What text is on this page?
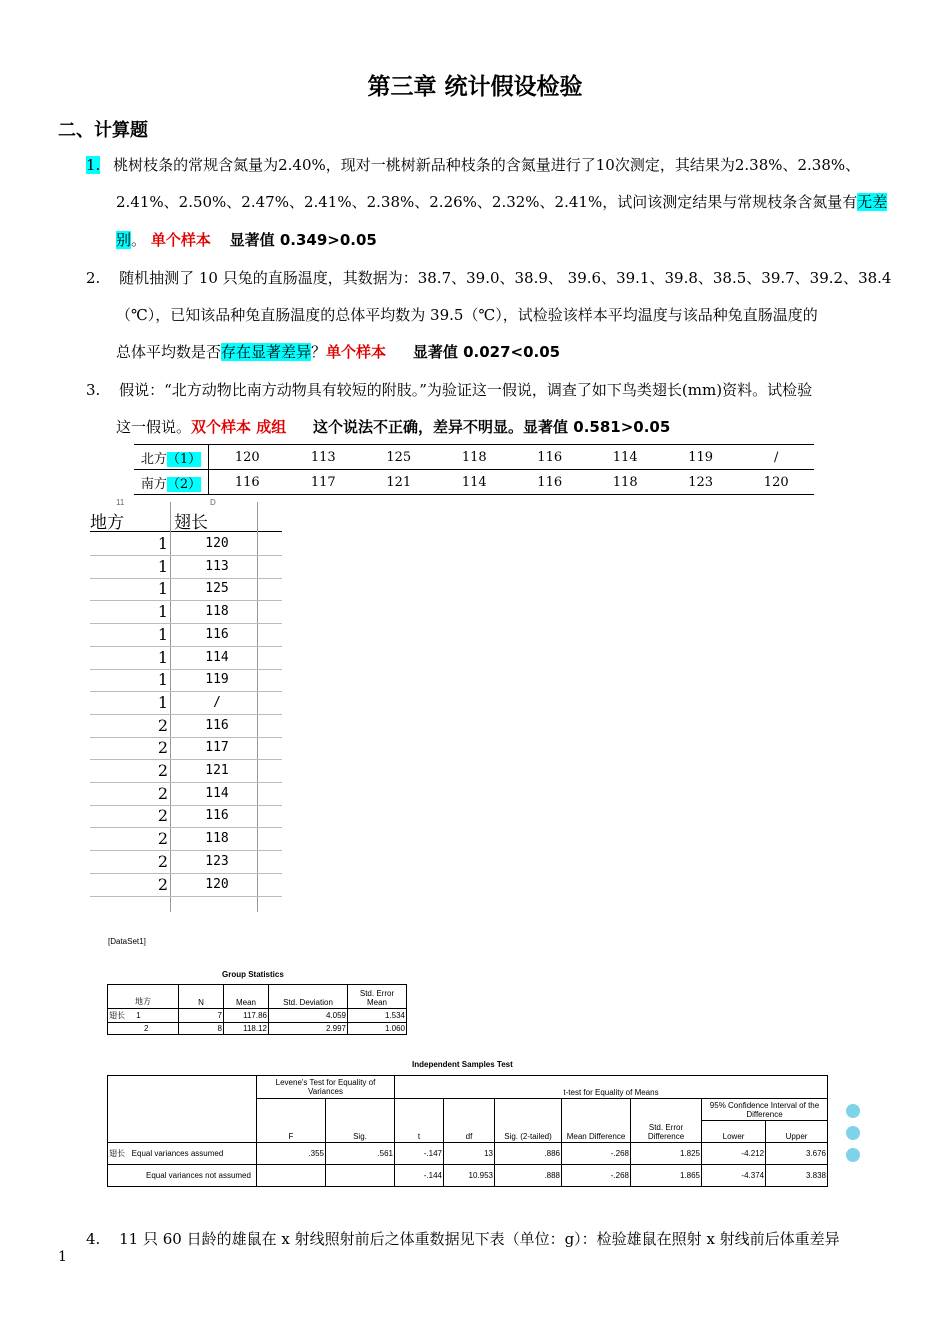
第三章 统计假设检验
二、计算题
1. 桃树枝条的常规含氮量为2.40%，现对一桃树新品种枝条的含氮量进行了10次测定，其结果为2.38%、2.38%、
2.41%、2.50%、2.47%、2.41%、2.38%、2.26%、2.32%、2.41%，试问该测定结果与常规枝条含氮量有无差
别。 单个样本 显著值 0.349>0.05
2. 随机抽测了 10 只兔的直肠温度，其数据为：38.7、39.0、38.9、 39.6、39.1、39.8、38.5、39.7、39.2、38.4
（℃），已知该品种兔直肠温度的总体平均数为 39.5（℃），试检验该样本平均温度与该品种兔直肠温度的
总体平均数是否存在显著差异？单个样本 显著值 0.027<0.05
3. 假说：“北方动物比南方动物具有较短的附肢。”为验证这一假说，调查了如下鸟类翅长(mm)资料。试检验
这一假说。双个样本 成组 这个说法不正确，差异不明显。显著值 0.581>0.05
北方（1）	120	113	125	118	116	114	119	/
南方（2）	116	117	121	114	116	118	123	120
11	D
地方	翅长
1	120
1	113
1	125
1	118
1	116
1	114
1	119
1	/
2	116
2	117
2	121
2	114
2	116
2	118
2	123
2	120
[DataSet1]
Group Statistics
地方	N	Mean	Std. Deviation	Std. Error Mean
翅长 1	7	117.86	4.059	1.534
2	8	118.12	2.997	1.060
Independent Samples Test
	Levene's Test for Equality of Variances		t-test for Equality of Means						
	F	Sig.	t	df	Sig. (2-tailed)	Mean Difference	Std. Error Difference	95% Confidence Interval of the Difference	
								Lower	Upper
翅长 Equal variances assumed	.355	.561	-.147	13	.886	-.268	1.825	-4.212	3.676
Equal variances not assumed			-.144	10.953	.888	-.268	1.865	-4.374	3.838
4. 11 只 60 日龄的雄鼠在 x 射线照射前后之体重数据见下表（单位：g）：检验雄鼠在照射 x 射线前后体重差异
1
